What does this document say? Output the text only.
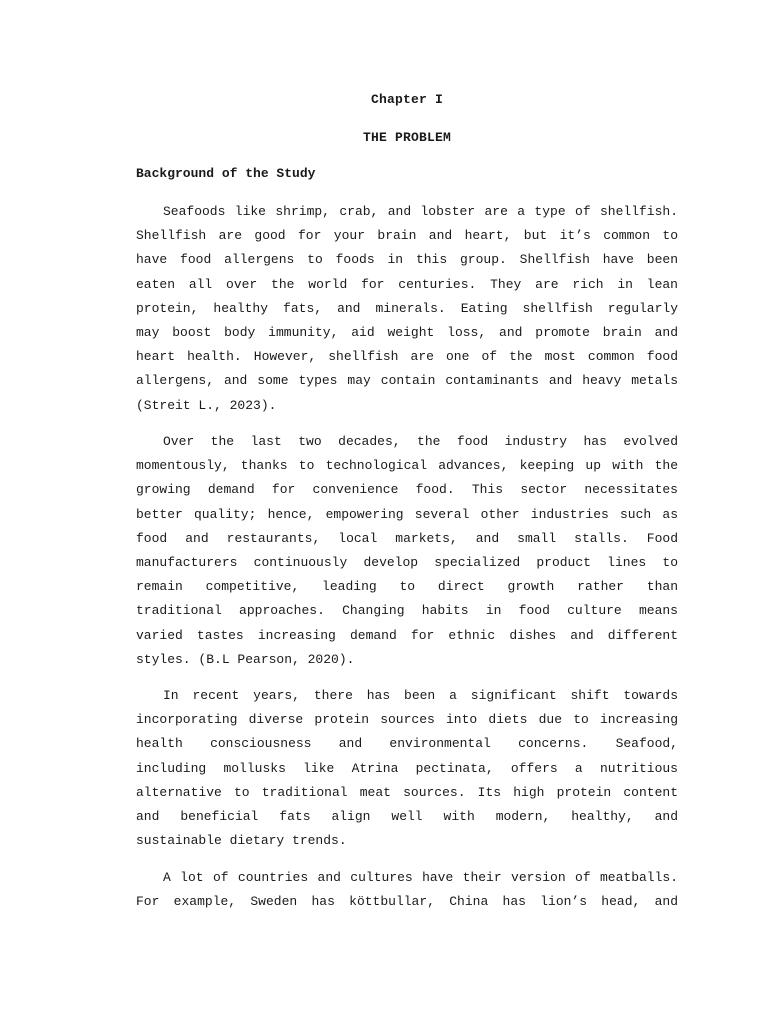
Chapter I
THE PROBLEM
Background of the Study
Seafoods like shrimp, crab, and lobster are a type of shellfish.
Shellfish are good for your brain and heart, but it’s common to
have food allergens to foods in this group. Shellfish have been
eaten all over the world for centuries. They are rich in lean
protein, healthy fats, and minerals. Eating shellfish regularly
may boost body immunity, aid weight loss, and promote brain and
heart health. However, shellfish are one of the most common food
allergens, and some types may contain contaminants and heavy metals
(Streit L., 2023).
Over the last two decades, the food industry has evolved
momentously, thanks to technological advances, keeping up with the
growing demand for convenience food. This sector necessitates
better quality; hence, empowering several other industries such as
food and restaurants, local markets, and small stalls. Food
manufacturers continuously develop specialized product lines to
remain competitive, leading to direct growth rather than
traditional approaches. Changing habits in food culture means
varied tastes increasing demand for ethnic dishes and different
styles. (B.L Pearson, 2020).
In recent years, there has been a significant shift towards
incorporating diverse protein sources into diets due to increasing
health consciousness and environmental concerns. Seafood,
including mollusks like Atrina pectinata, offers a nutritious
alternative to traditional meat sources. Its high protein content
and beneficial fats align well with modern, healthy, and
sustainable dietary trends.
A lot of countries and cultures have their version of meatballs.
For example, Sweden has köttbullar, China has lion’s head, and
